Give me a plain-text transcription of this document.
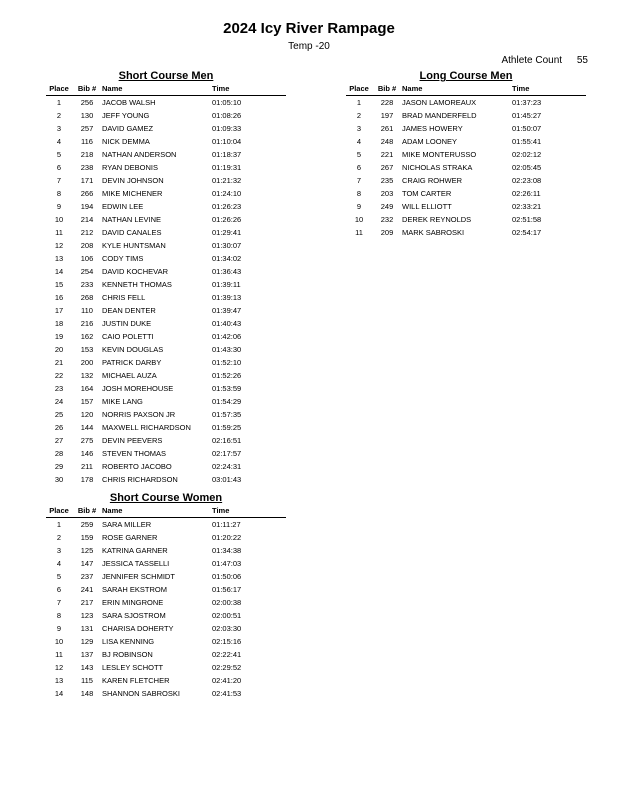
2024 Icy River Rampage
Temp -20
Athlete Count 55
Short Course Men
Place	Bib # Name	Time
1	256	JACOB WALSH	01:05:10
2	130	JEFF YOUNG	01:08:26
3	257	DAVID GAMEZ	01:09:33
4	116	NICK DEMMA	01:10:04
5	218	NATHAN ANDERSON	01:18:37
6	238	RYAN DEBONIS	01:19:31
7	171	DEVIN JOHNSON	01:21:32
8	266	MIKE MICHENER	01:24:10
9	194	EDWIN LEE	01:26:23
10	214	NATHAN LEVINE	01:26:26
11	212	DAVID CANALES	01:29:41
12	208	KYLE HUNTSMAN	01:30:07
13	106	CODY TIMS	01:34:02
14	254	DAVID KOCHEVAR	01:36:43
15	233	KENNETH THOMAS	01:39:11
16	268	CHRIS FELL	01:39:13
17	110	DEAN DENTER	01:39:47
18	216	JUSTIN DUKE	01:40:43
19	162	CAIO POLETTI	01:42:06
20	153	KEVIN DOUGLAS	01:43:30
21	200	PATRICK DARBY	01:52:10
22	132	MICHAEL AUZA	01:52:26
23	164	JOSH MOREHOUSE	01:53:59
24	157	MIKE LANG	01:54:29
25	120	NORRIS PAXSON JR	01:57:35
26	144	MAXWELL RICHARDSON	01:59:25
27	275	DEVIN PEEVERS	02:16:51
28	146	STEVEN THOMAS	02:17:57
29	211	ROBERTO JACOBO	02:24:31
30	178	CHRIS RICHARDSON	03:01:43
Long Course Men
Place	Bib # Name	Time
1	228	JASON LAMOREAUX	01:37:23
2	197	BRAD MANDERFELD	01:45:27
3	261	JAMES HOWERY	01:50:07
4	248	ADAM LOONEY	01:55:41
5	221	MIKE MONTERUSSO	02:02:12
6	267	NICHOLAS STRAKA	02:05:45
7	235	CRAIG ROHWER	02:23:08
8	203	TOM CARTER	02:26:11
9	249	WILL ELLIOTT	02:33:21
10	232	DEREK REYNOLDS	02:51:58
11	209	MARK SABROSKI	02:54:17
Short Course Women
Place	Bib # Name	Time
1	259	SARA MILLER	01:11:27
2	159	ROSE GARNER	01:20:22
3	125	KATRINA GARNER	01:34:38
4	147	JESSICA TASSELLI	01:47:03
5	237	JENNIFER SCHMIDT	01:50:06
6	241	SARAH EKSTROM	01:56:17
7	217	ERIN MINGRONE	02:00:38
8	123	SARA SJOSTROM	02:00:51
9	131	CHARISA DOHERTY	02:03:30
10	129	LISA KENNING	02:15:16
11	137	BJ ROBINSON	02:22:41
12	143	LESLEY SCHOTT	02:29:52
13	115	KAREN FLETCHER	02:41:20
14	148	SHANNON SABROSKI	02:41:53
